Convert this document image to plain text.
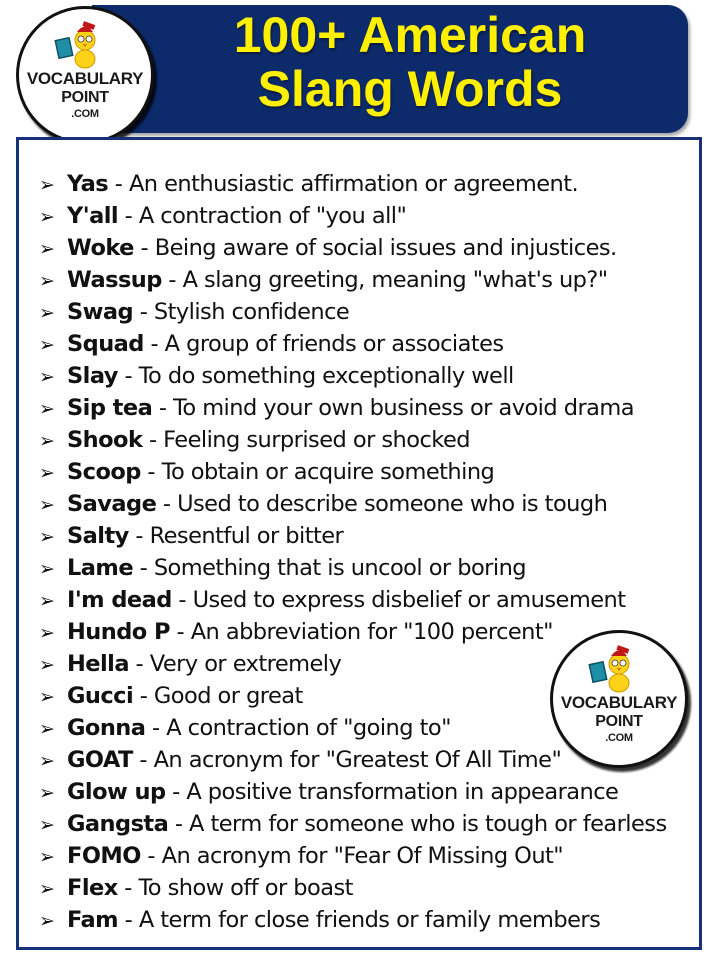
100+ American
Slang Words
VOCABULARY
POINT
.COM
➢ Yas - An enthusiastic affirmation or agreement.
➢ Y'all - A contraction of "you all"
➢ Woke - Being aware of social issues and injustices.
➢ Wassup - A slang greeting, meaning "what's up?"
➢ Swag - Stylish confidence
➢ Squad - A group of friends or associates
➢ Slay - To do something exceptionally well
➢ Sip tea - To mind your own business or avoid drama
➢ Shook - Feeling surprised or shocked
➢ Scoop - To obtain or acquire something
➢ Savage - Used to describe someone who is tough
➢ Salty - Resentful or bitter
➢ Lame - Something that is uncool or boring
➢ I'm dead - Used to express disbelief or amusement
➢ Hundo P - An abbreviation for "100 percent"
➢ Hella - Very or extremely
➢ Gucci - Good or great
➢ Gonna - A contraction of "going to"
➢ GOAT - An acronym for "Greatest Of All Time"
➢ Glow up - A positive transformation in appearance
➢ Gangsta - A term for someone who is tough or fearless
➢ FOMO - An acronym for "Fear Of Missing Out"
➢ Flex - To show off or boast
➢ Fam - A term for close friends or family members
VOCABULARY
POINT
.COM
